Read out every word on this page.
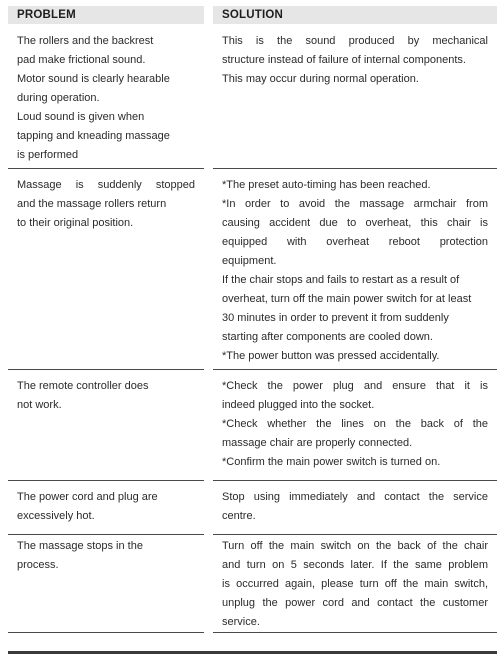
PROBLEM	SOLUTION
The rollers and the backrest
pad make frictional sound.
Motor sound is clearly hearable
during operation.
Loud sound is given when
tapping and kneading massage
is performed
This is the sound produced by mechanical
structure instead of failure of internal components.
This may occur during normal operation.
Massage is suddenly stopped
and the massage rollers return
to their original position.
*The preset auto-timing has been reached.
*In order to avoid the massage armchair from
causing accident due to overheat, this chair is
equipped with overheat reboot protection
equipment.
If the chair stops and fails to restart as a result of
overheat, turn off the main power switch for at least
30 minutes in order to prevent it from suddenly
starting after components are cooled down.
*The power button was pressed accidentally.
The remote controller does
not work.
*Check the power plug and ensure that it is
indeed plugged into the socket.
*Check whether the lines on the back of the
massage chair are properly connected.
*Confirm the main power switch is turned on.
The power cord and plug are
excessively hot.
Stop using immediately and contact the service
centre.
The massage stops in the
process.
Turn off the main switch on the back of the chair
and turn on 5 seconds later. If the same problem
is occurred again, please turn off the main switch,
unplug the power cord and contact the customer
service.
